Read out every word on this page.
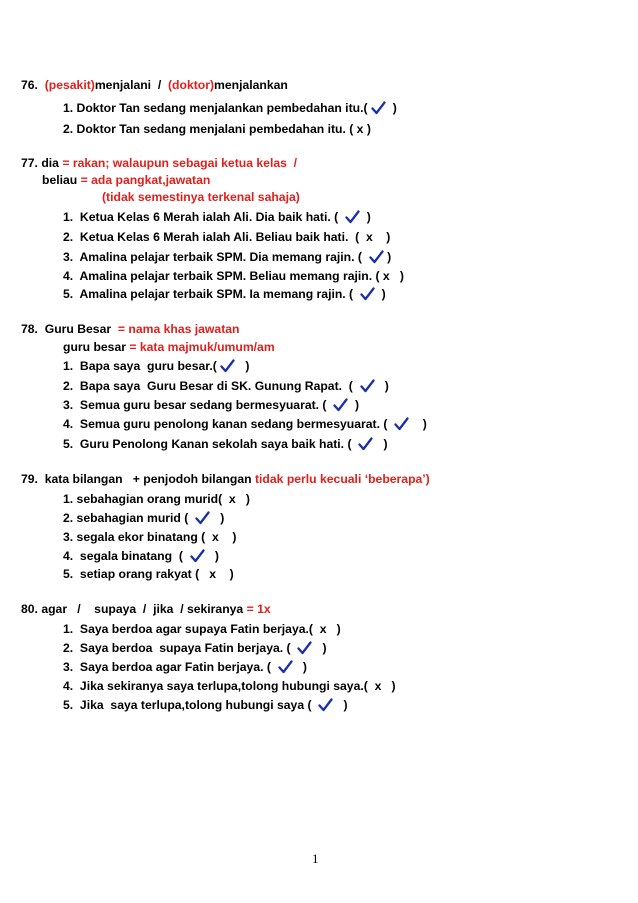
76.  (pesakit)menjalani  /  (doktor)menjalankan
1. Doktor Tan sedang menjalankan pembedahan itu.(
)
2. Doktor Tan sedang menjalani pembedahan itu. ( x )
77. dia = rakan; walaupun sebagai ketua kelas  /
beliau = ada pangkat,jawatan
(tidak semestinya terkenal sahaja)
1.  Ketua Kelas 6 Merah ialah Ali. Dia baik hati. (
)
2.  Ketua Kelas 6 Merah ialah Ali. Beliau baik hati.  (  x    )
3.  Amalina pelajar terbaik SPM. Dia memang rajin. (
)
4.  Amalina pelajar terbaik SPM. Beliau memang rajin. ( x   )
5.  Amalina pelajar terbaik SPM. Ia memang rajin. (
)
78.  Guru Besar  = nama khas jawatan
guru besar = kata majmuk/umum/am
1.  Bapa saya  guru besar.(
)
2.  Bapa saya  Guru Besar di SK. Gunung Rapat.  (
)
3.  Semua guru besar sedang bermesyuarat. (
)
4.  Semua guru penolong kanan sedang bermesyuarat. (
)
5.  Guru Penolong Kanan sekolah saya baik hati. (
)
79.  kata bilangan   + penjodoh bilangan tidak perlu kecuali ‘beberapa’)
1. sebahagian orang murid(  x   )
2. sebahagian murid (
)
3. segala ekor binatang (  x    )
4.  segala binatang  (
)
5.  setiap orang rakyat (   x    )
80. agar   /    supaya  /  jika  / sekiranya = 1x
1.  Saya berdoa agar supaya Fatin berjaya.(  x   )
2.  Saya berdoa  supaya Fatin berjaya. (
)
3.  Saya berdoa agar Fatin berjaya. (
)
4.  Jika sekiranya saya terlupa,tolong hubungi saya.(  x   )
5.  Jika  saya terlupa,tolong hubungi saya (
)
1
